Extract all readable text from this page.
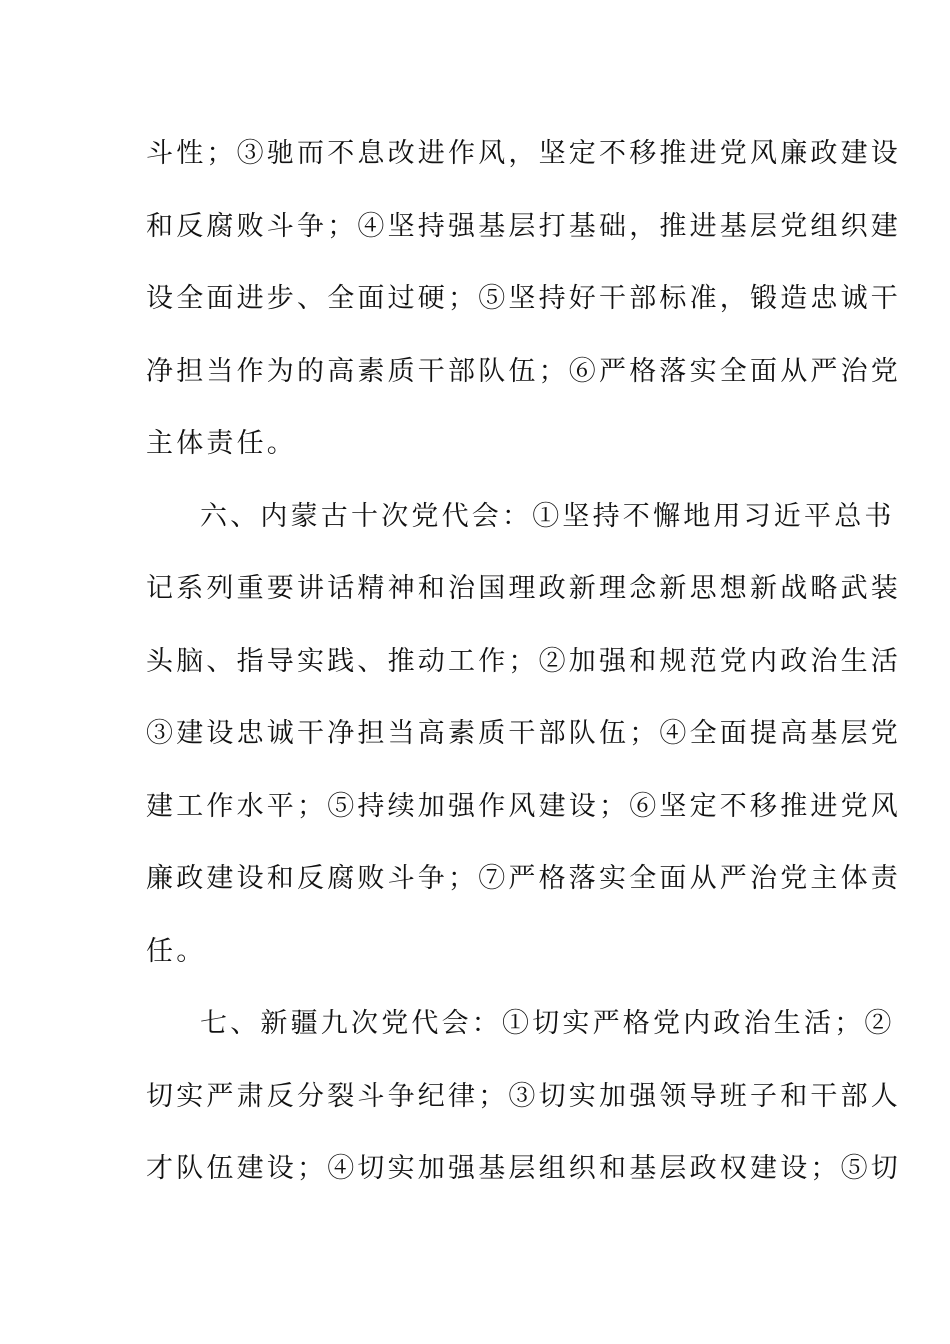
斗性；③驰而不息改进作风，坚定不移推进党风廉政建设
和反腐败斗争；④坚持强基层打基础，推进基层党组织建
设全面进步、全面过硬；⑤坚持好干部标准，锻造忠诚干
净担当作为的高素质干部队伍；⑥严格落实全面从严治党
主体责任。
六、内蒙古十次党代会：①坚持不懈地用习近平总书
记系列重要讲话精神和治国理政新理念新思想新战略武装
头脑、指导实践、推动工作；②加强和规范党内政治生活
③建设忠诚干净担当高素质干部队伍；④全面提高基层党
建工作水平；⑤持续加强作风建设；⑥坚定不移推进党风
廉政建设和反腐败斗争；⑦严格落实全面从严治党主体责
任。
七、新疆九次党代会：①切实严格党内政治生活；②
切实严肃反分裂斗争纪律；③切实加强领导班子和干部人
才队伍建设；④切实加强基层组织和基层政权建设；⑤切
